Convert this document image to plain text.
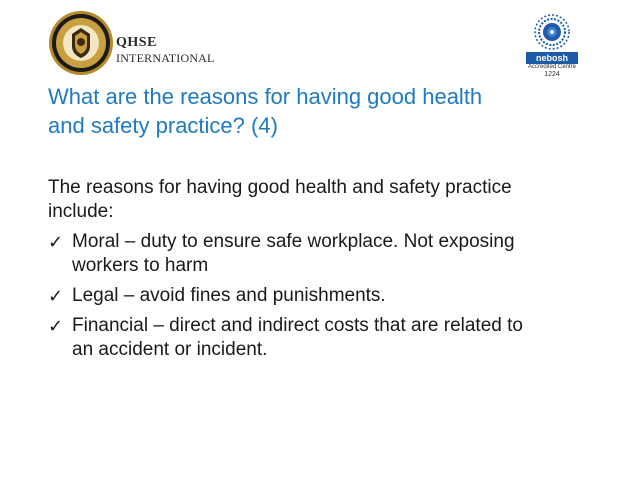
QHSE
INTERNATIONAL	nebosh
Accredited Centre
1224
What are the reasons for having good health
and safety practice? (4)

The reasons for having good health and safety practice
include:

✓ Moral – duty to ensure safe workplace. Not exposing
workers to harm
✓ Legal – avoid fines and punishments.
✓ Financial – direct and indirect costs that are related to
an accident or incident.
